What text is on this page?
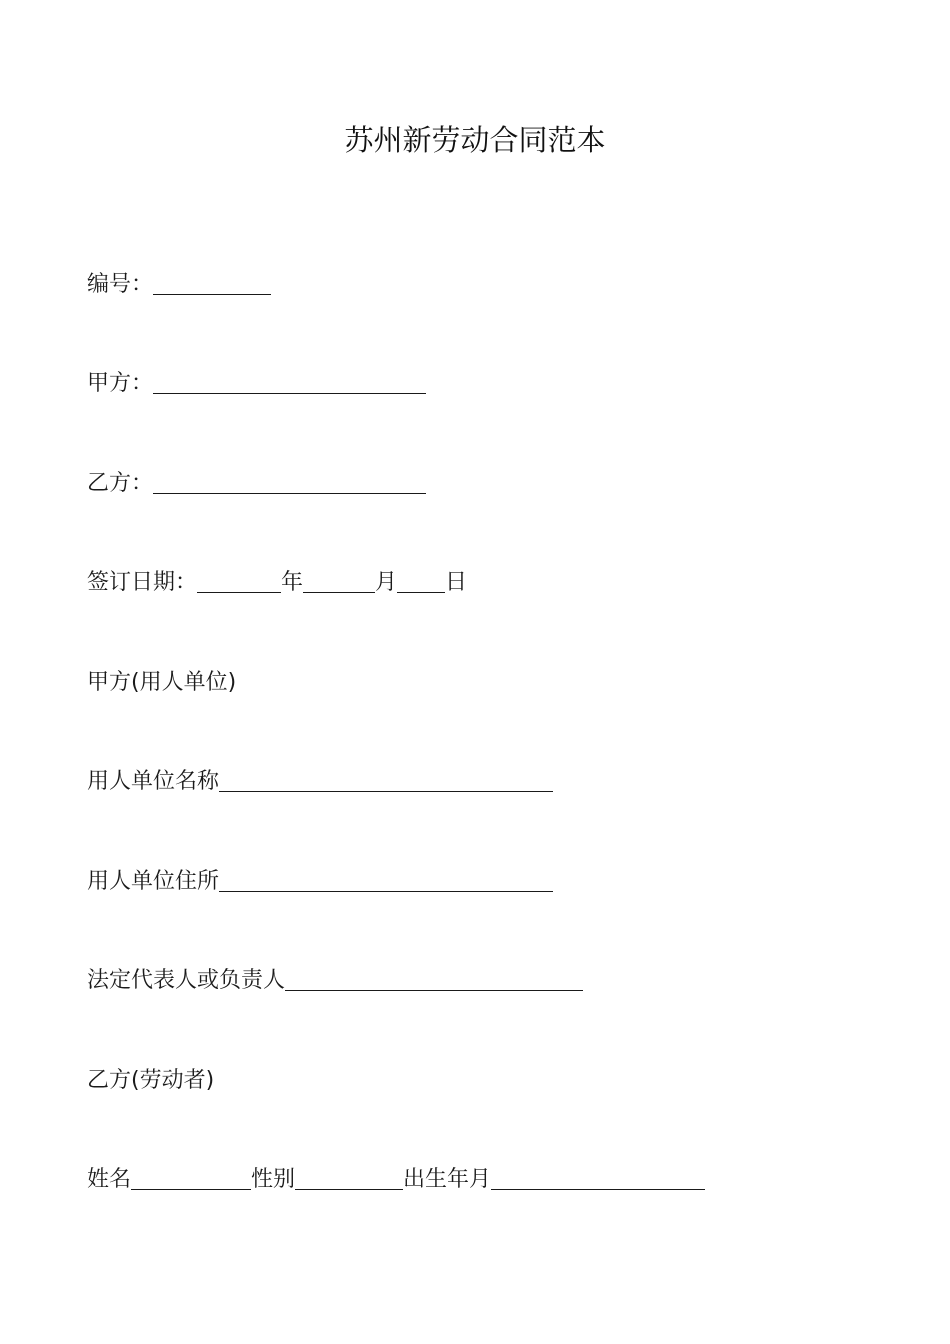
苏州新劳动合同范本
编号：
甲方：
乙方：
签订日期：	年	月 日
甲方(用人单位)
用人单位名称
用人单位住所
法定代表人或负责人
乙方(劳动者)
姓名	性别	出生年月
